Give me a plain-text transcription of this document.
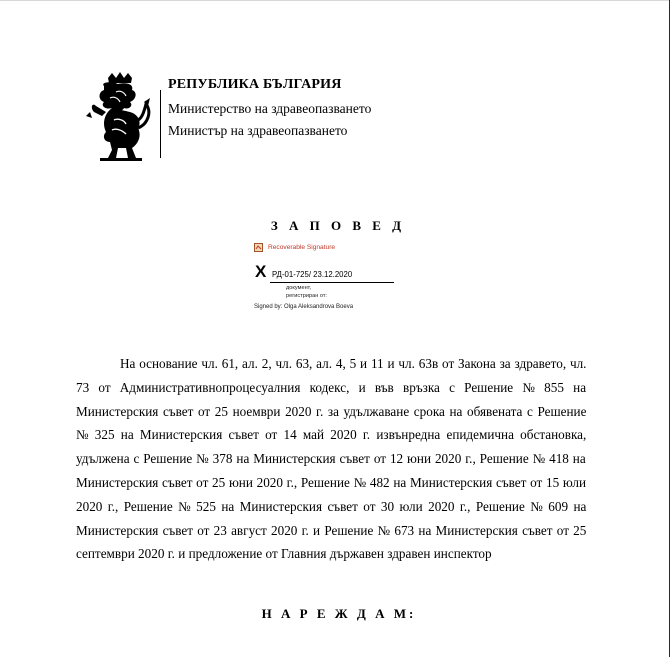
РЕПУБЛИКА БЪЛГАРИЯ
Министерство на здравеопазването
Министър на здравеопазването
З А П О В Е Д
Recoverable Signature
X РД-01-725/ 23.12.2020
документ,
регистриран от:
Signed by: Olga Aleksandrova Boeva
На основание чл. 61, ал. 2, чл. 63, ал. 4, 5 и 11 и чл. 63в от Закона за здравето, чл.
73 от Административнопроцесуалния кодекс, и във връзка с Решение № 855 на
Министерския съвет от 25 ноември 2020 г. за удължаване срока на обявената с Решение
№ 325 на Министерския съвет от 14 май 2020 г. извънредна епидемична обстановка,
удължена с Решение № 378 на Министерския съвет от 12 юни 2020 г., Решение № 418 на
Министерския съвет от 25 юни 2020 г., Решение № 482 на Министерския съвет от 15 юли
2020 г., Решение № 525 на Министерския съвет от 30 юли 2020 г., Решение № 609 на
Министерския съвет от 23 август 2020 г. и Решение № 673 на Министерския съвет от 25
септември 2020 г. и предложение от Главния държавен здравен инспектор
Н А Р Е Ж Д А М:
